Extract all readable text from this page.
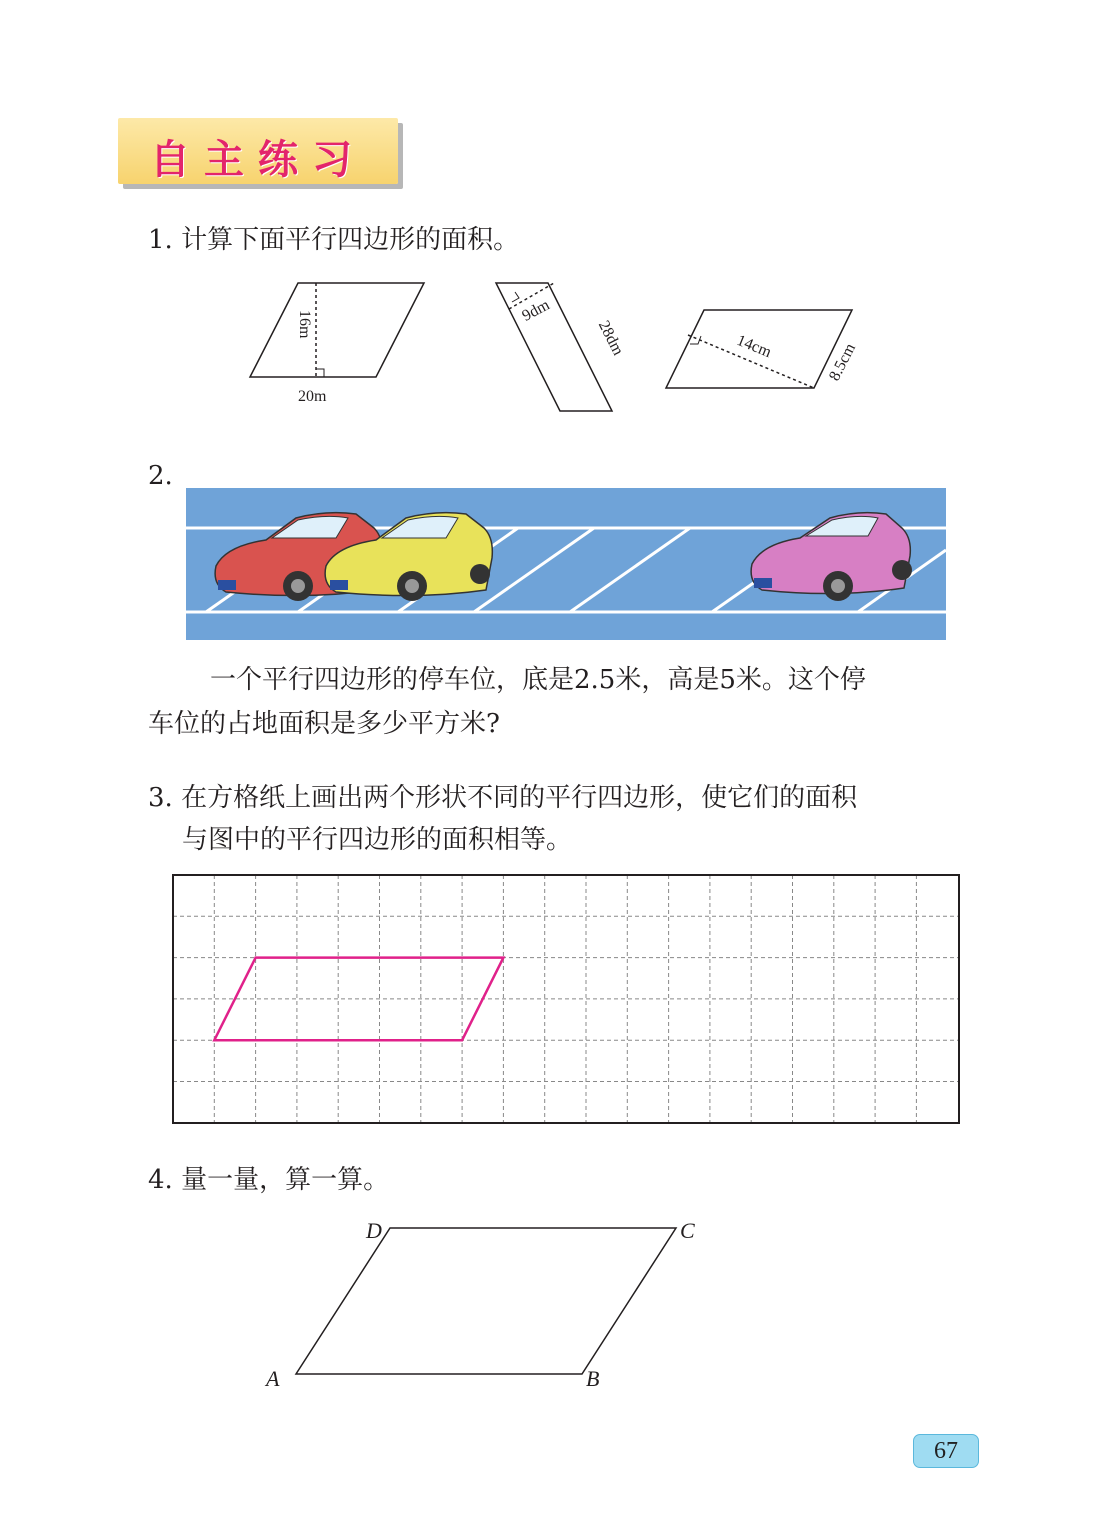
自主练习
1. 计算下面平行四边形的面积。
20m
16m	9dm
28dm	14cm	8.5cm
2.
一个平行四边形的停车位，底是2.5米，高是5米。这个停
车位的占地面积是多少平方米?
3. 在方格纸上画出两个形状不同的平行四边形，使它们的面积
与图中的平行四边形的面积相等。
4. 量一量，算一算。
D	C
A	B
67
